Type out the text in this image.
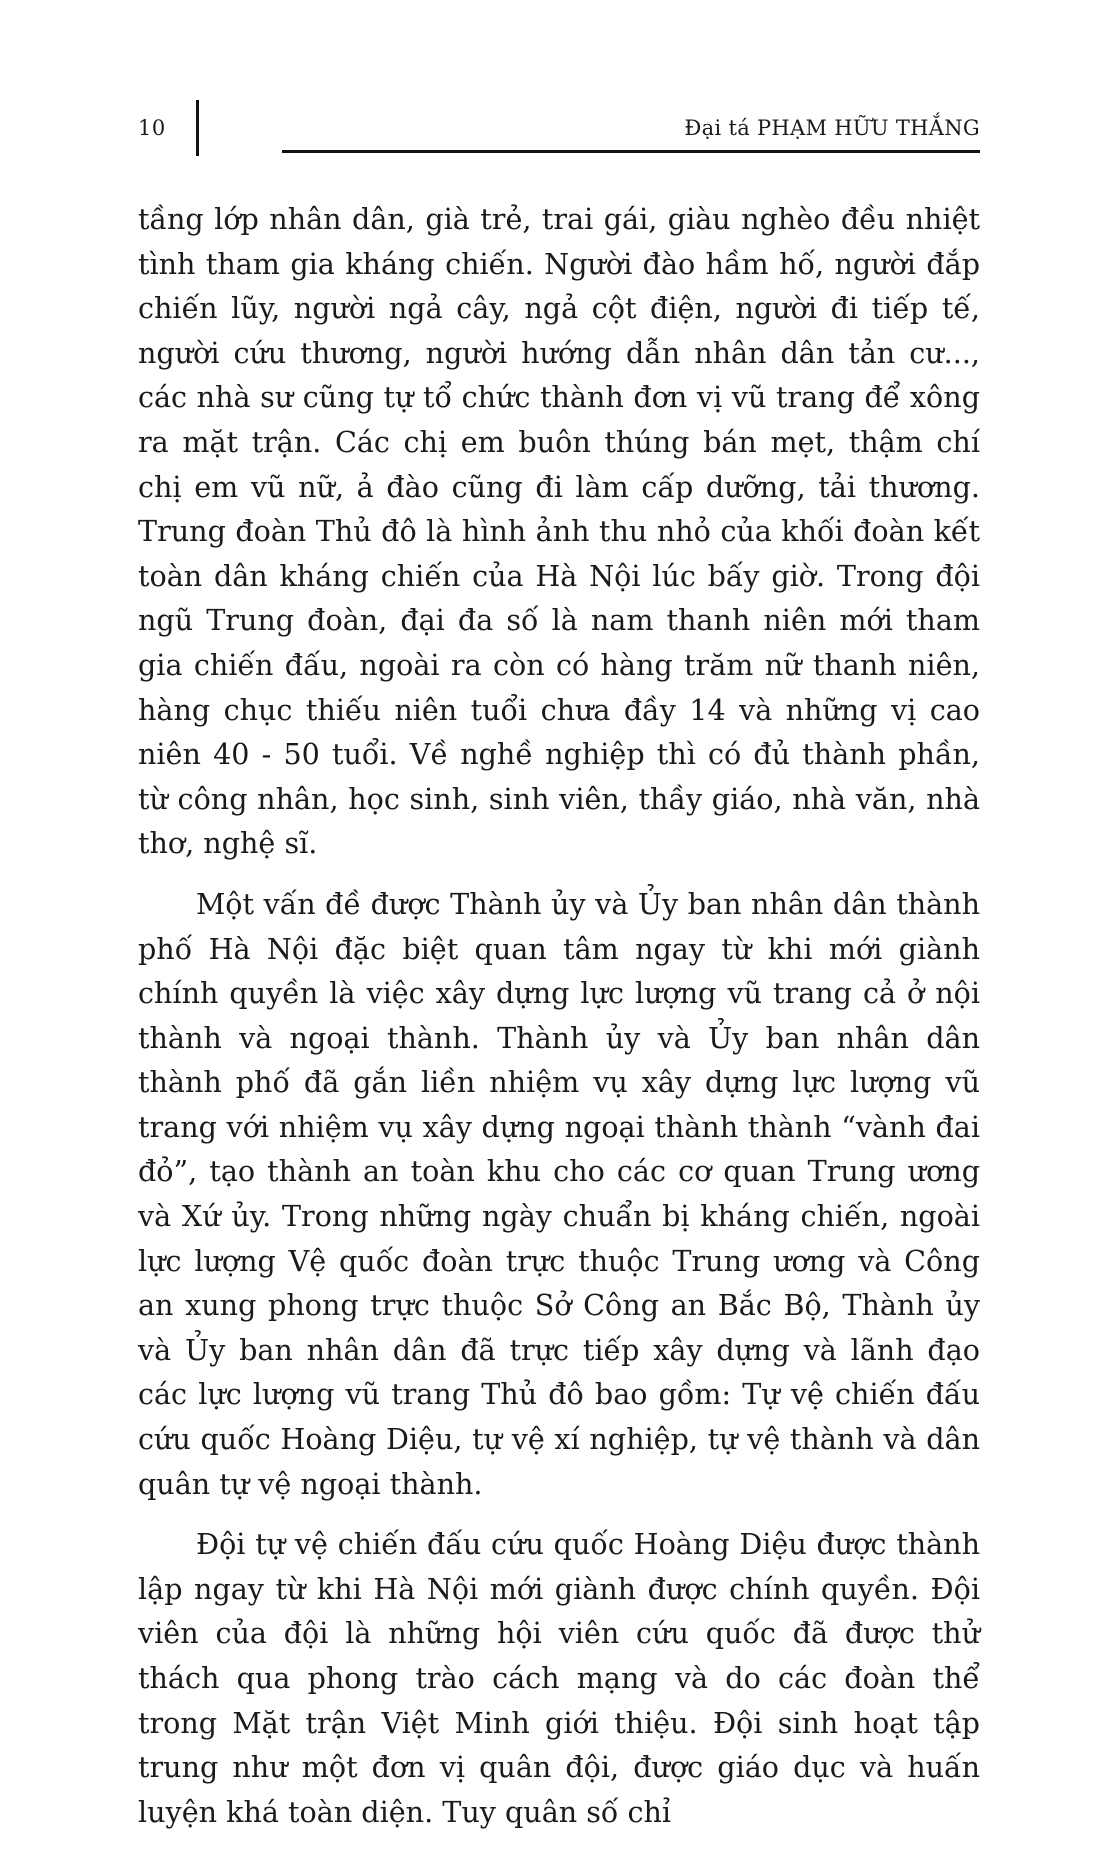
10	Đại tá PHẠM HỮU THẮNG

tầng lớp nhân dân, già trẻ, trai gái, giàu nghèo đều nhiệt tình tham gia kháng chiến. Người đào hầm hố, người đắp chiến lũy, người ngả cây, ngả cột điện, người đi tiếp tế, người cứu thương, người hướng dẫn nhân dân tản cư..., các nhà sư cũng tự tổ chức thành đơn vị vũ trang để xông ra mặt trận. Các chị em buôn thúng bán mẹt, thậm chí chị em vũ nữ, ả đào cũng đi làm cấp dưỡng, tải thương. Trung đoàn Thủ đô là hình ảnh thu nhỏ của khối đoàn kết toàn dân kháng chiến của Hà Nội lúc bấy giờ. Trong đội ngũ Trung đoàn, đại đa số là nam thanh niên mới tham gia chiến đấu, ngoài ra còn có hàng trăm nữ thanh niên, hàng chục thiếu niên tuổi chưa đầy 14 và những vị cao niên 40 - 50 tuổi. Về nghề nghiệp thì có đủ thành phần, từ công nhân, học sinh, sinh viên, thầy giáo, nhà văn, nhà thơ, nghệ sĩ.

Một vấn đề được Thành ủy và Ủy ban nhân dân thành phố Hà Nội đặc biệt quan tâm ngay từ khi mới giành chính quyền là việc xây dựng lực lượng vũ trang cả ở nội thành và ngoại thành. Thành ủy và Ủy ban nhân dân thành phố đã gắn liền nhiệm vụ xây dựng lực lượng vũ trang với nhiệm vụ xây dựng ngoại thành thành “vành đai đỏ”, tạo thành an toàn khu cho các cơ quan Trung ương và Xứ ủy. Trong những ngày chuẩn bị kháng chiến, ngoài lực lượng Vệ quốc đoàn trực thuộc Trung ương và Công an xung phong trực thuộc Sở Công an Bắc Bộ, Thành ủy và Ủy ban nhân dân đã trực tiếp xây dựng và lãnh đạo các lực lượng vũ trang Thủ đô bao gồm: Tự vệ chiến đấu cứu quốc Hoàng Diệu, tự vệ xí nghiệp, tự vệ thành và dân quân tự vệ ngoại thành.

Đội tự vệ chiến đấu cứu quốc Hoàng Diệu được thành lập ngay từ khi Hà Nội mới giành được chính quyền. Đội viên của đội là những hội viên cứu quốc đã được thử thách qua phong trào cách mạng và do các đoàn thể trong Mặt trận Việt Minh giới thiệu. Đội sinh hoạt tập trung như một đơn vị quân đội, được giáo dục và huấn luyện khá toàn diện. Tuy quân số chỉ
